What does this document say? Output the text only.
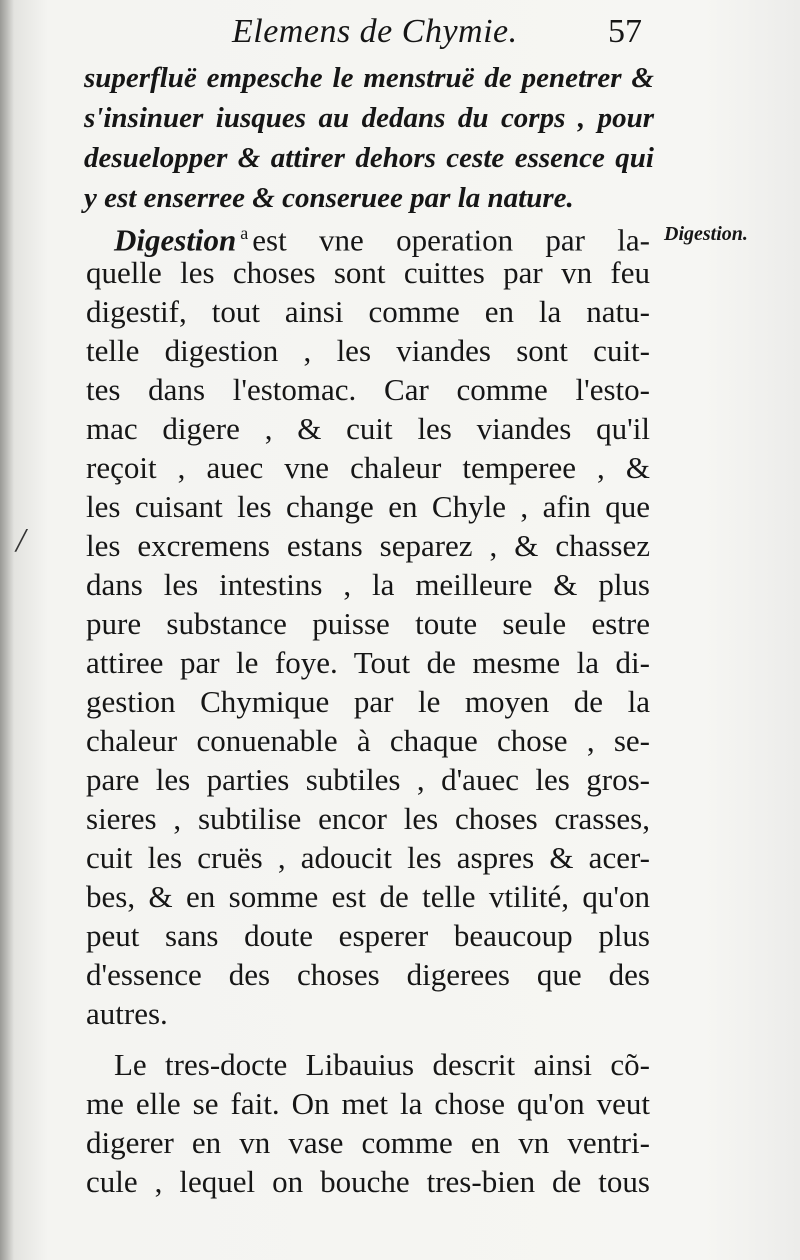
Elemens de Chymie.	57
superfluë empesche le menstruë de penetrer &
s'insinuer iusques au dedans du corps , pour
desuelopper & attirer dehors ceste essence qui
y est enserree & conseruee par la nature.
Digestion.
/
Digestion $^a$ est vne operation par la-
quelle les choses sont cuittes par vn feu
digestif, tout ainsi comme en la natu-
telle digestion , les viandes sont cuit-
tes dans l'estomac. Car comme l'esto-
mac digere , & cuit les viandes qu'il
reçoit , auec vne chaleur temperee , &
les cuisant les change en Chyle , afin que
les excremens estans separez , & chassez
dans les intestins , la meilleure & plus
pure substance puisse toute seule estre
attiree par le foye. Tout de mesme la di-
gestion Chymique par le moyen de la
chaleur conuenable à chaque chose , se-
pare les parties subtiles , d'auec les gros-
sieres , subtilise encor les choses crasses,
cuit les cruës , adoucit les aspres & acer-
bes, & en somme est de telle vtilité, qu'on
peut sans doute esperer beaucoup plus
d'essence des choses digerees que des
autres.
Le tres-docte Libauius descrit ainsi cõ-
me elle se fait. On met la chose qu'on veut
digerer en vn vase comme en vn ventri-
cule , lequel on bouche tres-bien de tous
